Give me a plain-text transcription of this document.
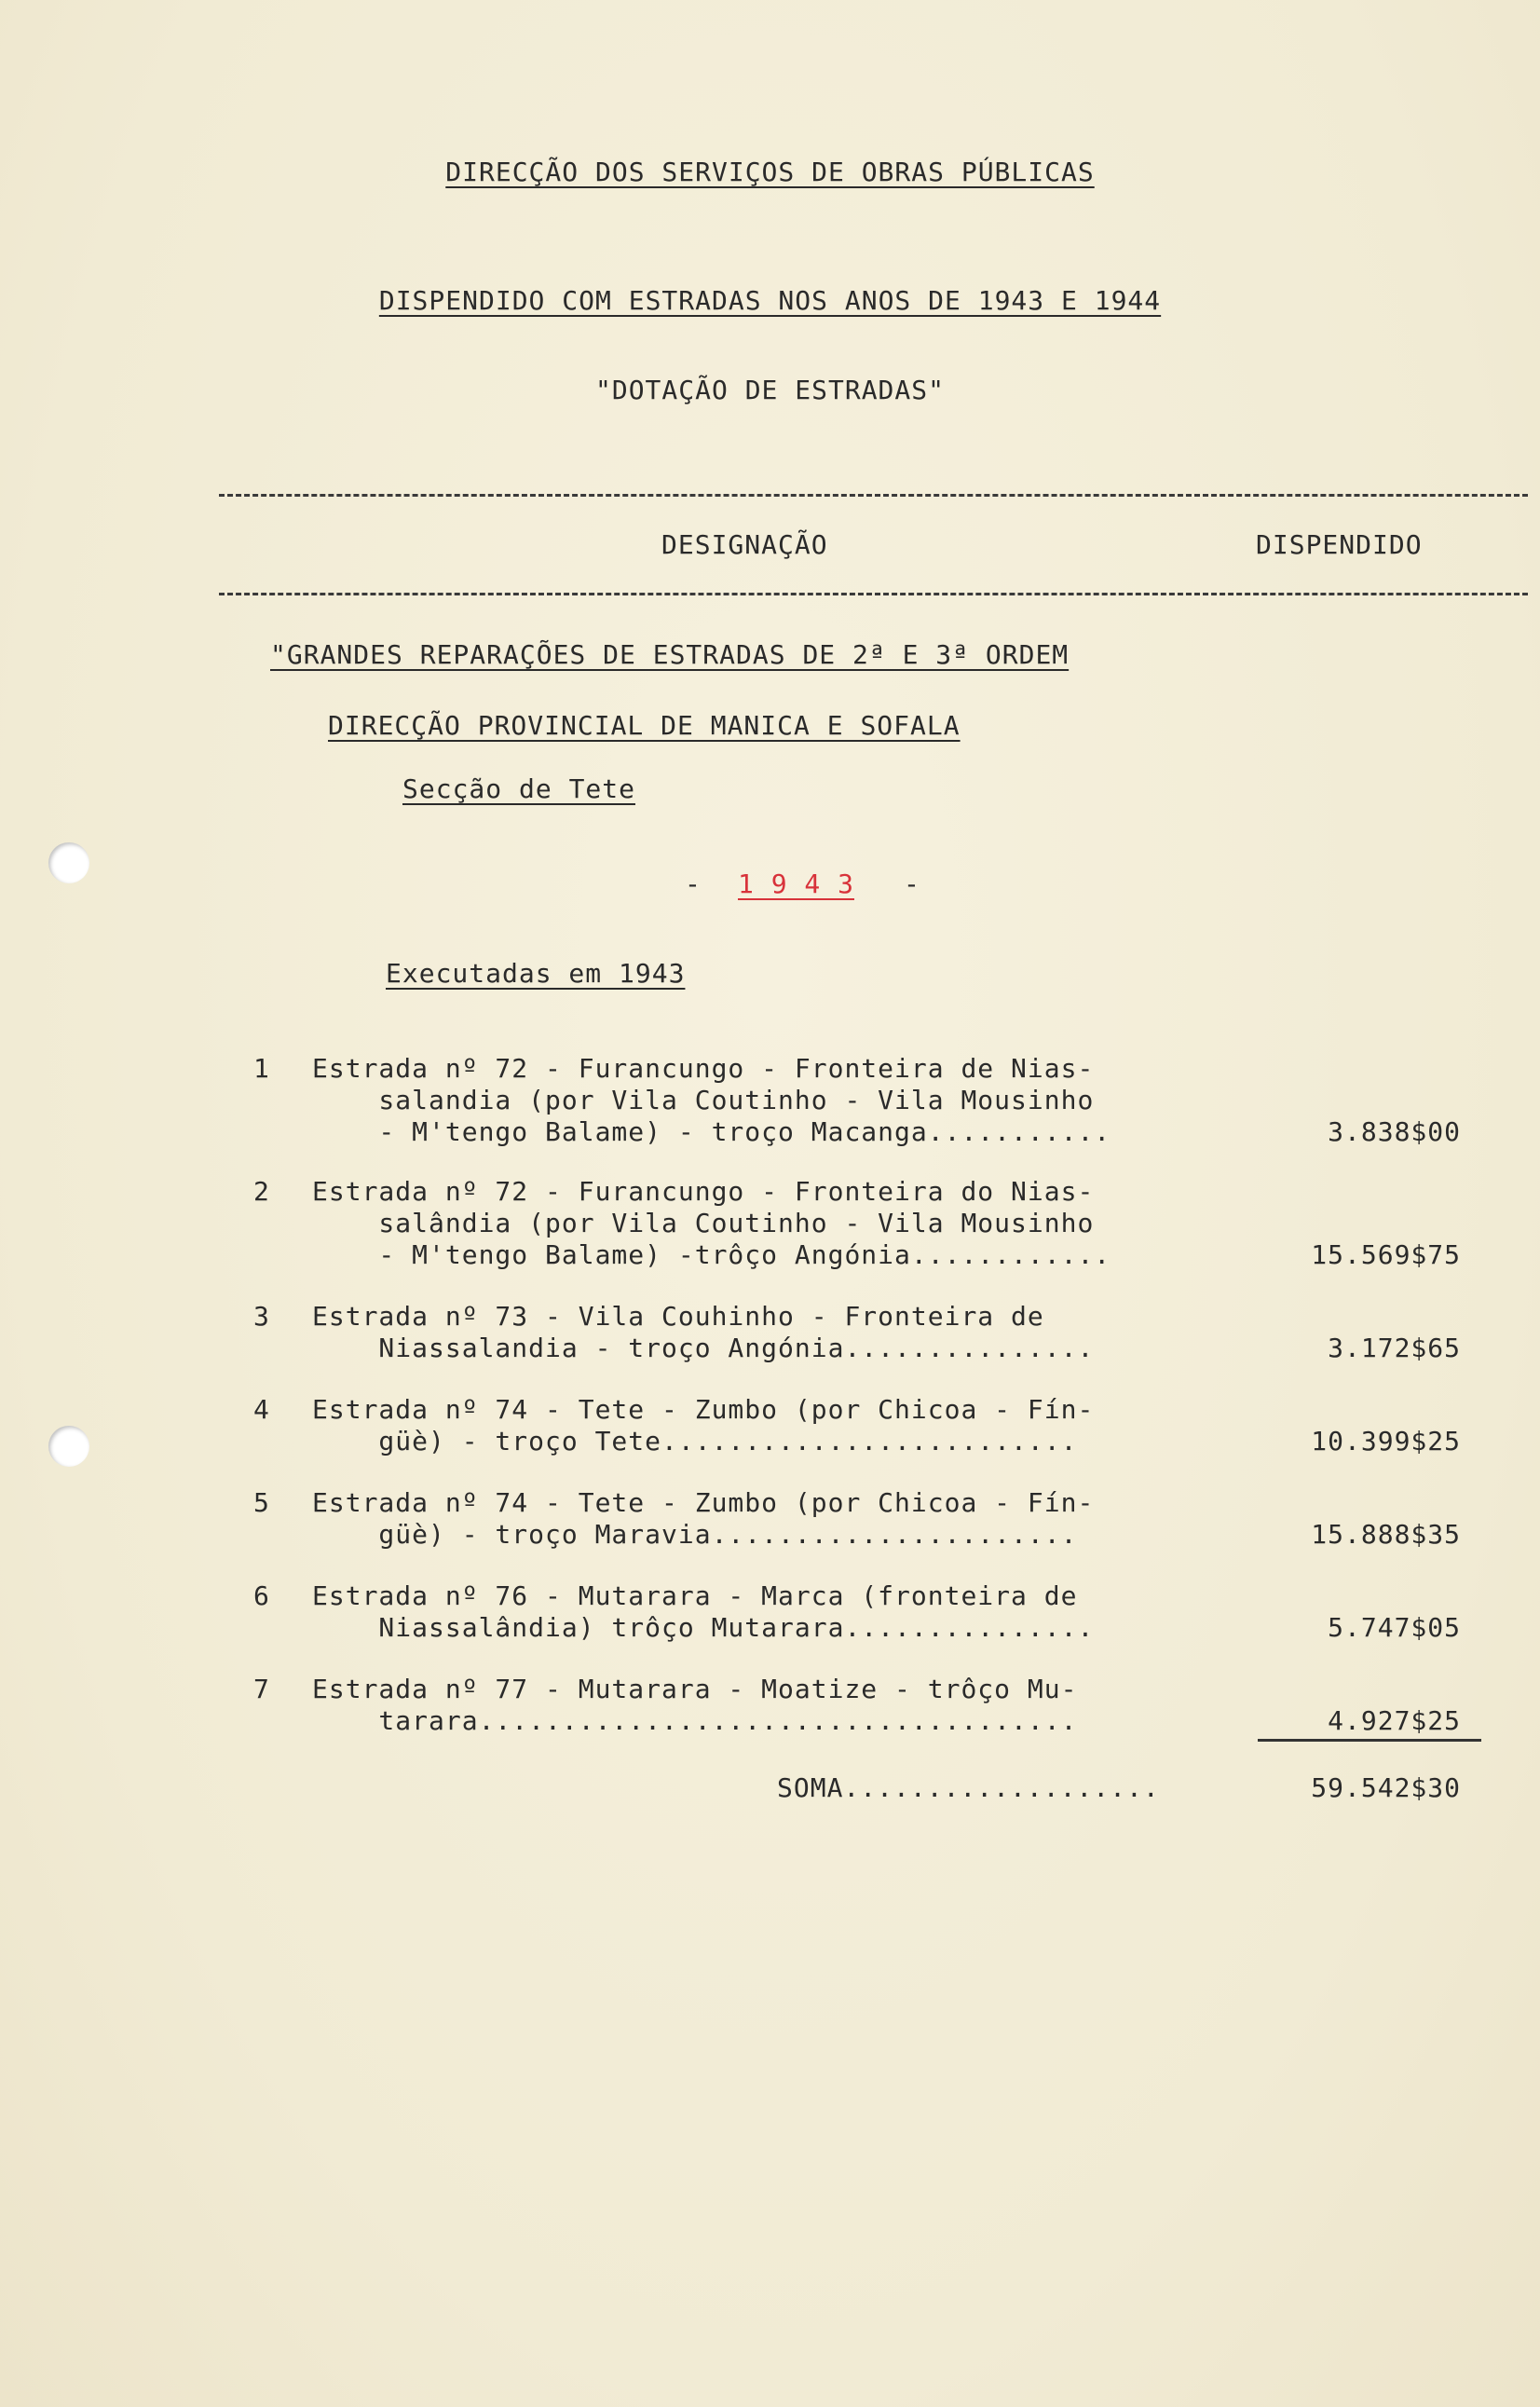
DIRECÇÃO DOS SERVIÇOS DE OBRAS PÚBLICAS
DISPENDIDO COM ESTRADAS NOS ANOS DE 1943 E 1944
"DOTAÇÃO DE ESTRADAS"
DESIGNAÇÃO	DISPENDIDO
"GRANDES REPARAÇÕES DE ESTRADAS DE 2ª E 3ª ORDEM
DIRECÇÃO PROVINCIAL DE MANICA E SOFALA
Secção de Tete
- 1 9 4 3 -
Executadas em 1943
1 Estrada nº 72 - Furancungo - Fronteira de Nias-
salandia (por Vila Coutinho - Vila Mousinho
- M'tengo Balame) - troço Macanga...........	3.838$00
2 Estrada nº 72 - Furancungo - Fronteira do Nias-
salândia (por Vila Coutinho - Vila Mousinho
- M'tengo Balame) -trôço Angónia............	15.569$75
3 Estrada nº 73 - Vila Couhinho - Fronteira de
Niassalandia - troço Angónia...............	3.172$65
4 Estrada nº 74 - Tete - Zumbo (por Chicoa - Fín-
güè) - troço Tete.........................	10.399$25
5 Estrada nº 74 - Tete - Zumbo (por Chicoa - Fín-
güè) - troço Maravia......................	15.888$35
6 Estrada nº 76 - Mutarara - Marca (fronteira de
Niassalândia) trôço Mutarara...............	5.747$05
7 Estrada nº 77 - Mutarara - Moatize - trôço Mu-
tarara....................................	4.927$25
SOMA...................	59.542$30
